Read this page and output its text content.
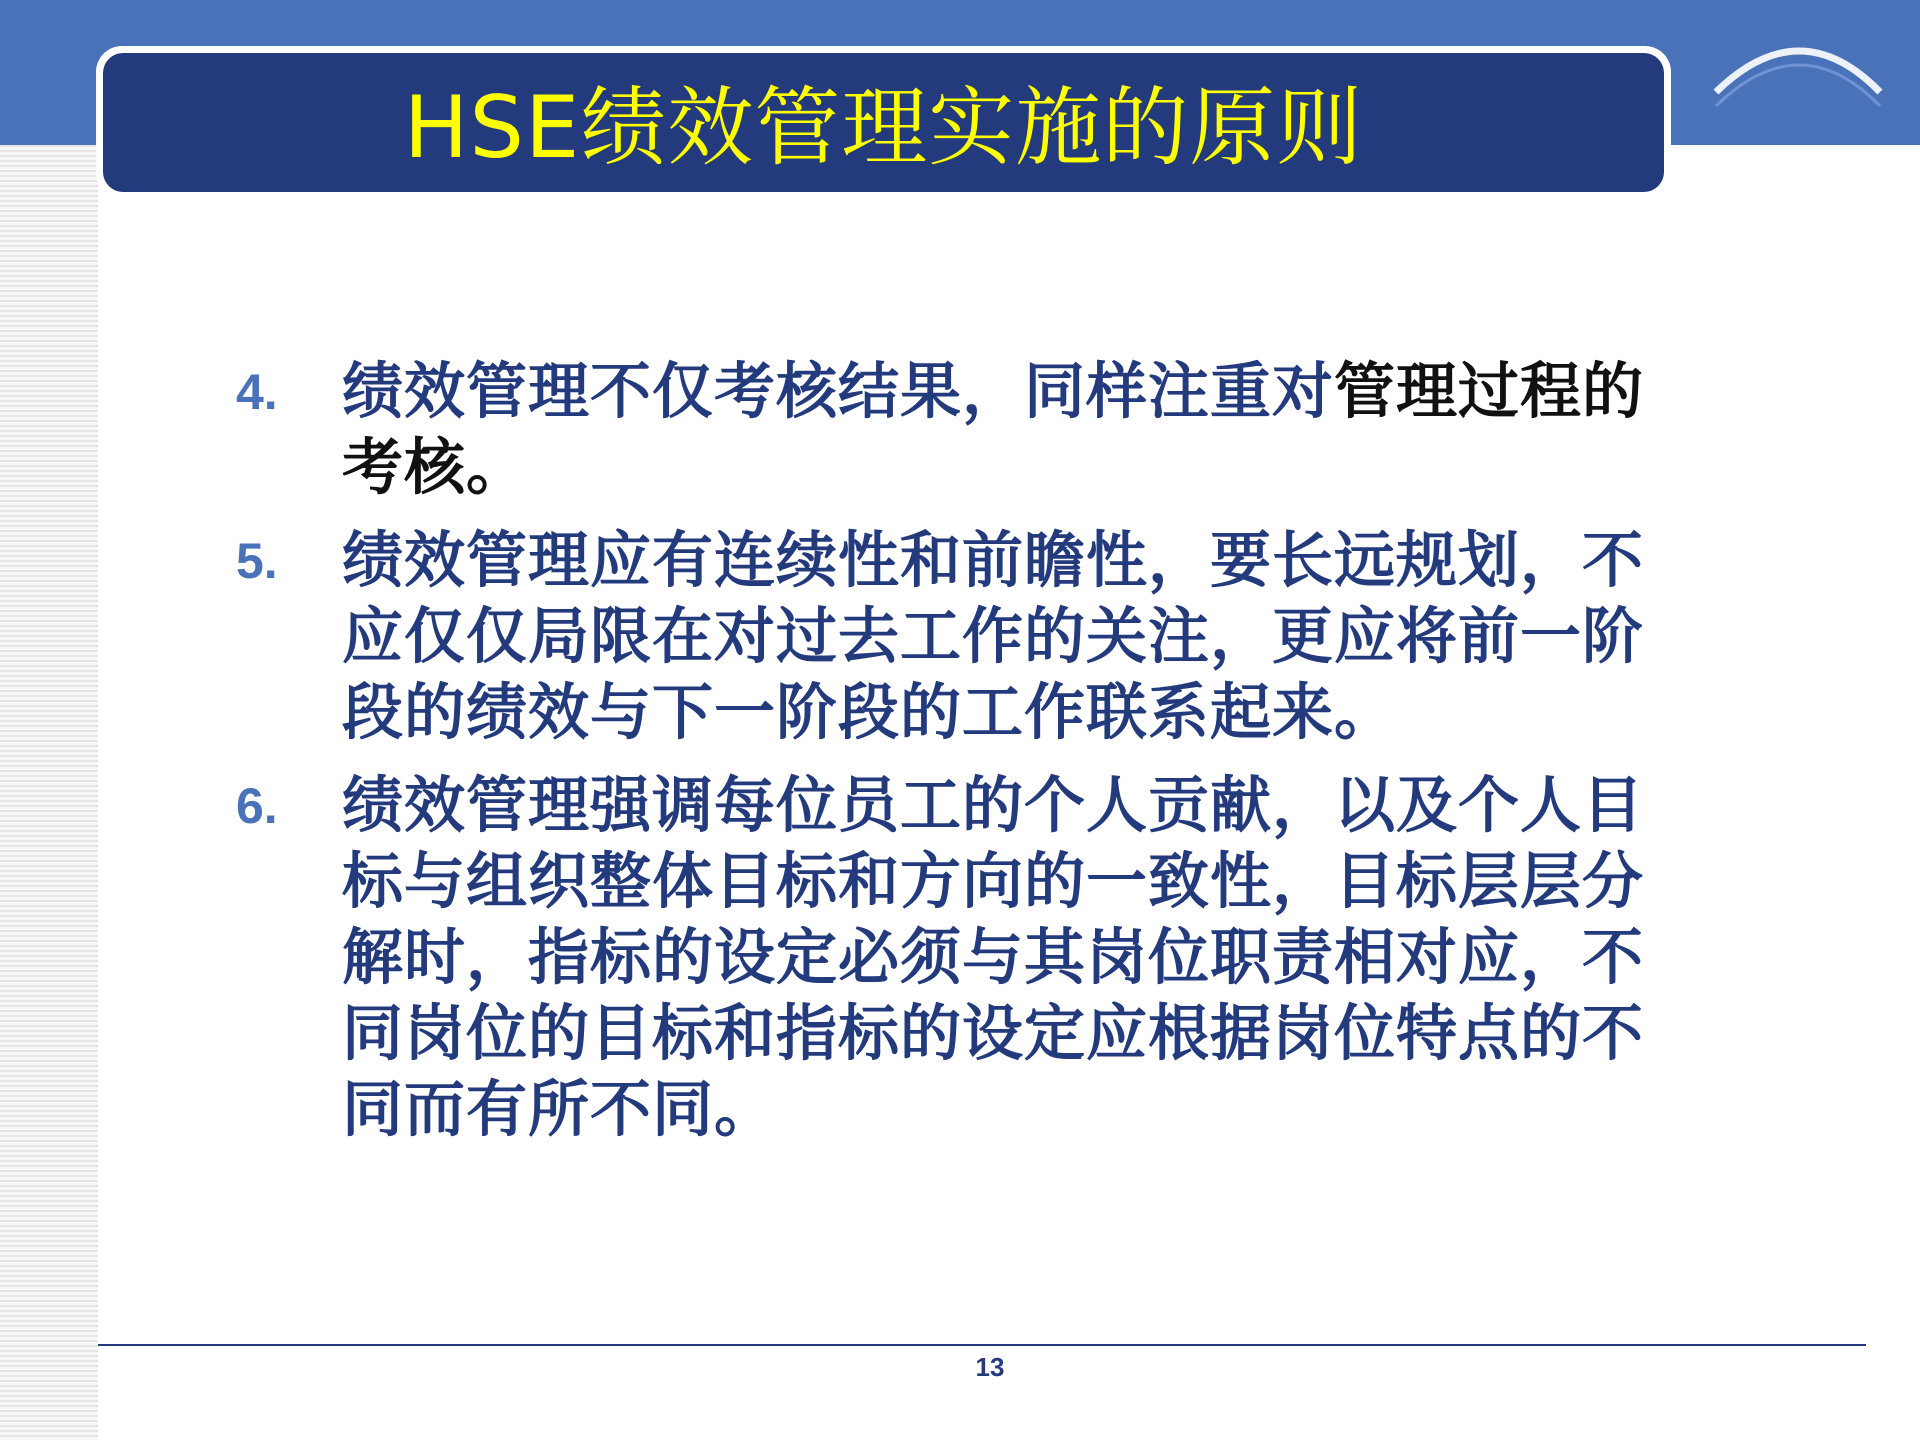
HSE绩效管理实施的原则
4.	绩效管理不仅考核结果，同样注重对管理过程的考核。
5.	绩效管理应有连续性和前瞻性，要长远规划，不应仅仅局限在对过去工作的关注，更应将前一阶段的绩效与下一阶段的工作联系起来。
6.	绩效管理强调每位员工的个人贡献，以及个人目标与组织整体目标和方向的一致性，目标层层分解时，指标的设定必须与其岗位职责相对应，不同岗位的目标和指标的设定应根据岗位特点的不同而有所不同。
13
